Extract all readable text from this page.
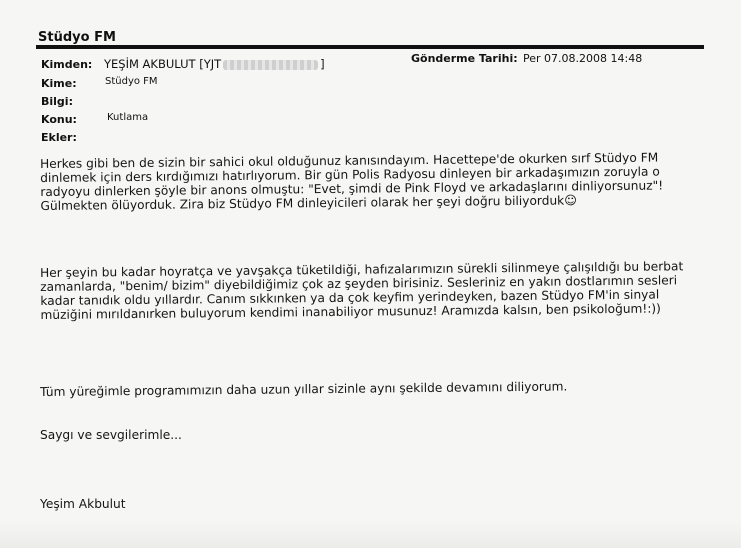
Stüdyo FM
Kimden: YEŞİM AKBULUT [YJT	]	Gönderme Tarihi: Per 07.08.2008 14:48
Kime:	Stüdyo FM
Bilgi:
Konu:	Kutlama
Ekler:
Herkes gibi ben de sizin bir sahici okul olduğunuz kanısındayım. Hacettepe'de okurken sırf Stüdyo FM
dinlemek için ders kırdığımızı hatırlıyorum. Bir gün Polis Radyosu dinleyen bir arkadaşımızın zoruyla o
radyoyu dinlerken şöyle bir anons olmuştu: "Evet, şimdi de Pink Floyd ve arkadaşlarını dinliyorsunuz"!
Gülmekten ölüyorduk. Zira biz Stüdyo FM dinleyicileri olarak her şeyi doğru biliyorduk☺
Her şeyin bu kadar hoyratça ve yavşakça tüketildiği, hafızalarımızın sürekli silinmeye çalışıldığı bu berbat
zamanlarda, "benim/ bizim" diyebildiğimiz çok az şeyden birisiniz. Sesleriniz en yakın dostlarımın sesleri
kadar tanıdık oldu yıllardır. Canım sıkkınken ya da çok keyfim yerindeyken, bazen Stüdyo FM'in sinyal
müziğini mırıldanırken buluyorum kendimi inanabiliyor musunuz! Aramızda kalsın, ben psikoloğum!:))
Tüm yüreğimle programımızın daha uzun yıllar sizinle aynı şekilde devamını diliyorum.
Saygı ve sevgilerimle...
Yeşim Akbulut
